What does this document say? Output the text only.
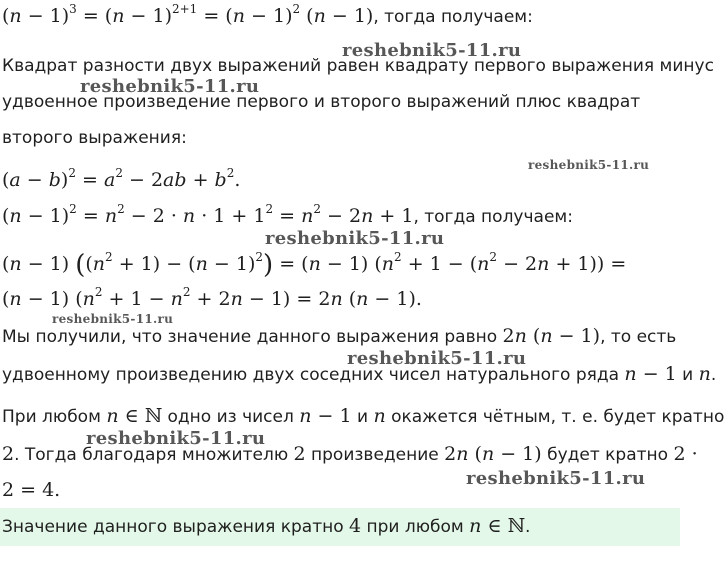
$(n - 1)^3 = (n - 1)^{2+1} = (n - 1)^2$ (n − 1), тогда получаем:
Квадрат разности двух выражений равен квадрату первого выражения минус
удвоенное произведение первого и второго выражений плюс квадрат
второго выражения:
$(a - b)^2 = a^2 - 2ab + b^2$.
$(n - 1)^2 = n^2 - 2 \cdot n \cdot 1 + 1^2 = n^2 - 2n + 1$, тогда получаем:
(n − 1) $((n^2 + 1) - (n - 1)^2) = (n - 1) (n^2 + 1 - (n^2 - 2n + 1))$ =
(n − 1) $(n^2 + 1 - n^2 + 2n - 1) = 2n$ (n − 1).
Мы получили, что значение данного выражения равно 2n (n − 1), то есть
удвоенному произведению двух соседних чисел натурального ряда n − 1 и n.
При любом n ∈ ℕ одно из чисел n − 1 и n окажется чётным, т. е. будет кратно
2. Тогда благодаря множителю 2 произведение 2n (n − 1) будет кратно 2 ·
2 = 4.
Значение данного выражения кратно 4 при любом n ∈ ℕ.
reshebnik5-11.ru
reshebnik5-11.ru
reshebnik5-11.ru
reshebnik5-11.ru
reshebnik5-11.ru
reshebnik5-11.ru
reshebnik5-11.ru
reshebnik5-11.ru
